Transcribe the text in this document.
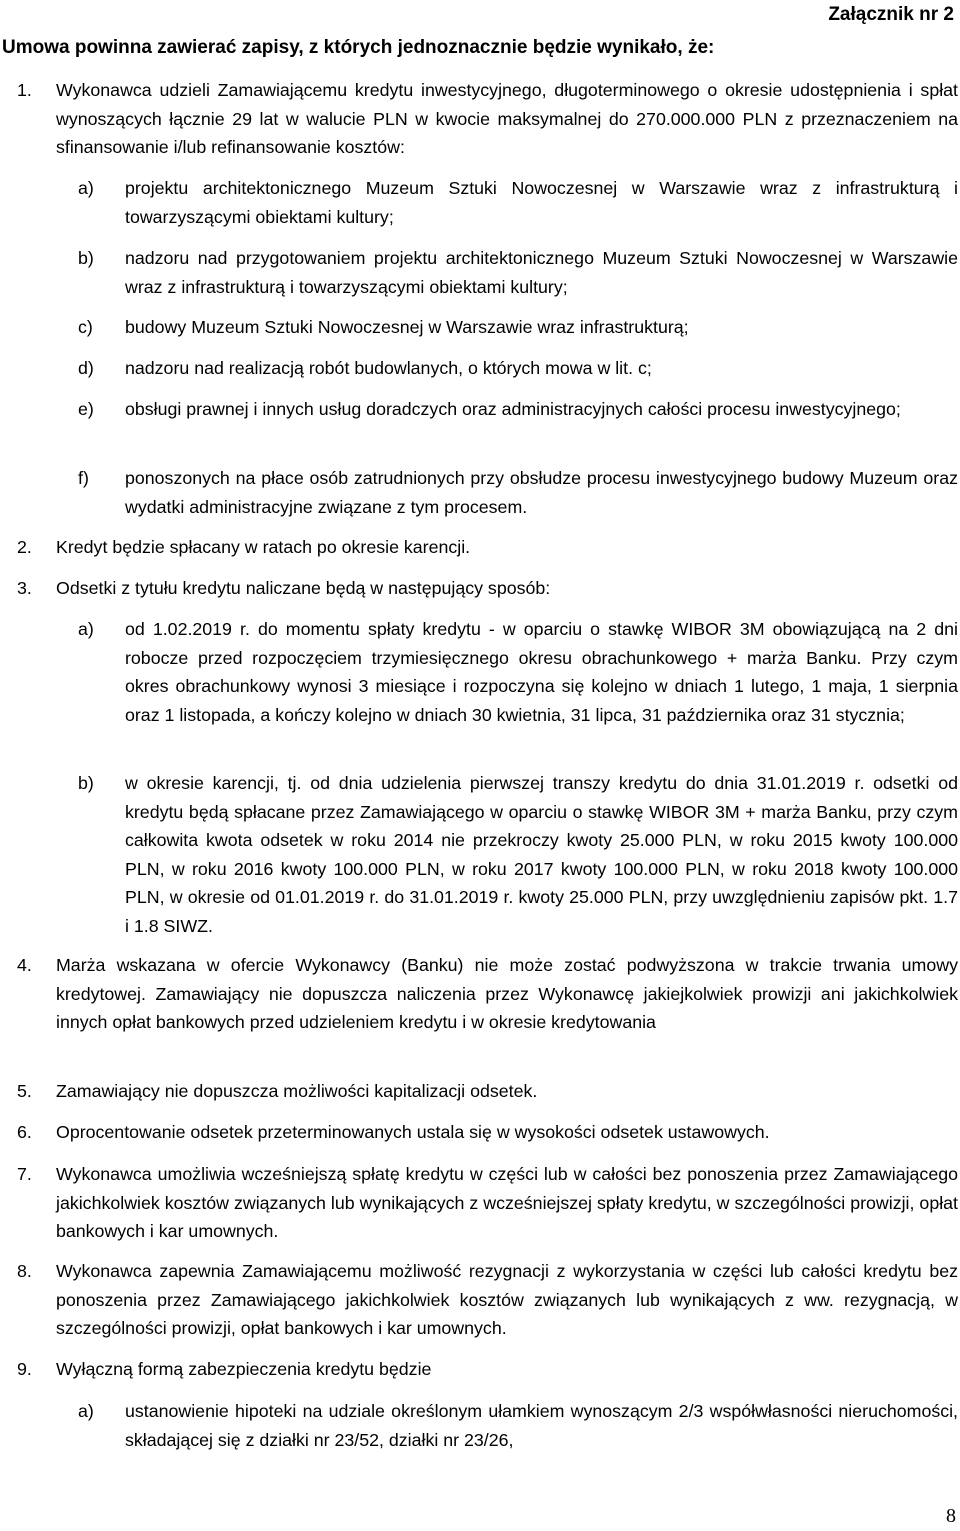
Załącznik nr 2
Umowa powinna zawierać zapisy, z których jednoznacznie będzie wynikało, że:
1.	Wykonawca udzieli Zamawiającemu kredytu inwestycyjnego, długoterminowego o okresie udostępnienia i spłat wynoszących łącznie 29 lat w walucie PLN w kwocie maksymalnej do 270.000.000 PLN z przeznaczeniem na sfinansowanie i/lub refinansowanie kosztów:
a)	projektu architektonicznego Muzeum Sztuki Nowoczesnej w Warszawie wraz z infrastrukturą i towarzyszącymi obiektami kultury;
b)	nadzoru nad przygotowaniem projektu architektonicznego Muzeum Sztuki Nowoczesnej w Warszawie wraz z infrastrukturą i towarzyszącymi obiektami kultury;
c)	budowy Muzeum Sztuki Nowoczesnej w Warszawie wraz infrastrukturą;
d)	nadzoru nad realizacją robót budowlanych, o których mowa w lit. c;
e)	obsługi prawnej i innych usług doradczych oraz administracyjnych całości procesu inwestycyjnego;
f)	ponoszonych na płace osób zatrudnionych przy obsłudze procesu inwestycyjnego budowy Muzeum oraz wydatki administracyjne związane z tym procesem.
2.	Kredyt będzie spłacany w ratach po okresie karencji.
3.	Odsetki z tytułu kredytu naliczane będą w następujący sposób:
a)	od 1.02.2019 r. do momentu spłaty kredytu - w oparciu o stawkę WIBOR 3M obowiązującą na 2 dni robocze przed rozpoczęciem trzymiesięcznego okresu obrachunkowego + marża Banku. Przy czym okres obrachunkowy wynosi 3 miesiące i rozpoczyna się kolejno w dniach 1 lutego, 1 maja, 1 sierpnia oraz 1 listopada, a kończy kolejno w dniach 30 kwietnia, 31 lipca, 31 października oraz 31 stycznia;
b)	w okresie karencji, tj. od dnia udzielenia pierwszej transzy kredytu do dnia 31.01.2019 r. odsetki od kredytu będą spłacane przez Zamawiającego w oparciu o stawkę WIBOR 3M + marża Banku, przy czym całkowita kwota odsetek w roku 2014 nie przekroczy kwoty 25.000 PLN, w roku 2015 kwoty 100.000 PLN, w roku 2016 kwoty 100.000 PLN, w roku 2017 kwoty 100.000 PLN, w roku 2018 kwoty 100.000 PLN, w okresie od 01.01.2019 r. do 31.01.2019 r. kwoty 25.000 PLN, przy uwzględnieniu zapisów pkt. 1.7 i 1.8 SIWZ.
4.	Marża wskazana w ofercie Wykonawcy (Banku) nie może zostać podwyższona w trakcie trwania umowy kredytowej. Zamawiający nie dopuszcza naliczenia przez Wykonawcę jakiejkolwiek prowizji ani jakichkolwiek innych opłat bankowych przed udzieleniem kredytu i w okresie kredytowania
5.	Zamawiający nie dopuszcza możliwości kapitalizacji odsetek.
6.	Oprocentowanie odsetek przeterminowanych ustala się w wysokości odsetek ustawowych.
7.	Wykonawca umożliwia wcześniejszą spłatę kredytu w części lub w całości bez ponoszenia przez Zamawiającego jakichkolwiek kosztów związanych lub wynikających z wcześniejszej spłaty kredytu, w szczególności prowizji, opłat bankowych i kar umownych.
8.	Wykonawca zapewnia Zamawiającemu możliwość rezygnacji z wykorzystania w części lub całości kredytu bez ponoszenia przez Zamawiającego jakichkolwiek kosztów związanych lub wynikających z ww. rezygnacją, w szczególności prowizji, opłat bankowych i kar umownych.
9.	Wyłączną formą zabezpieczenia kredytu będzie
a)	ustanowienie hipoteki na udziale określonym ułamkiem wynoszącym 2/3 współwłasności nieruchomości, składającej się z działki nr 23/52, działki nr 23/26,
8
